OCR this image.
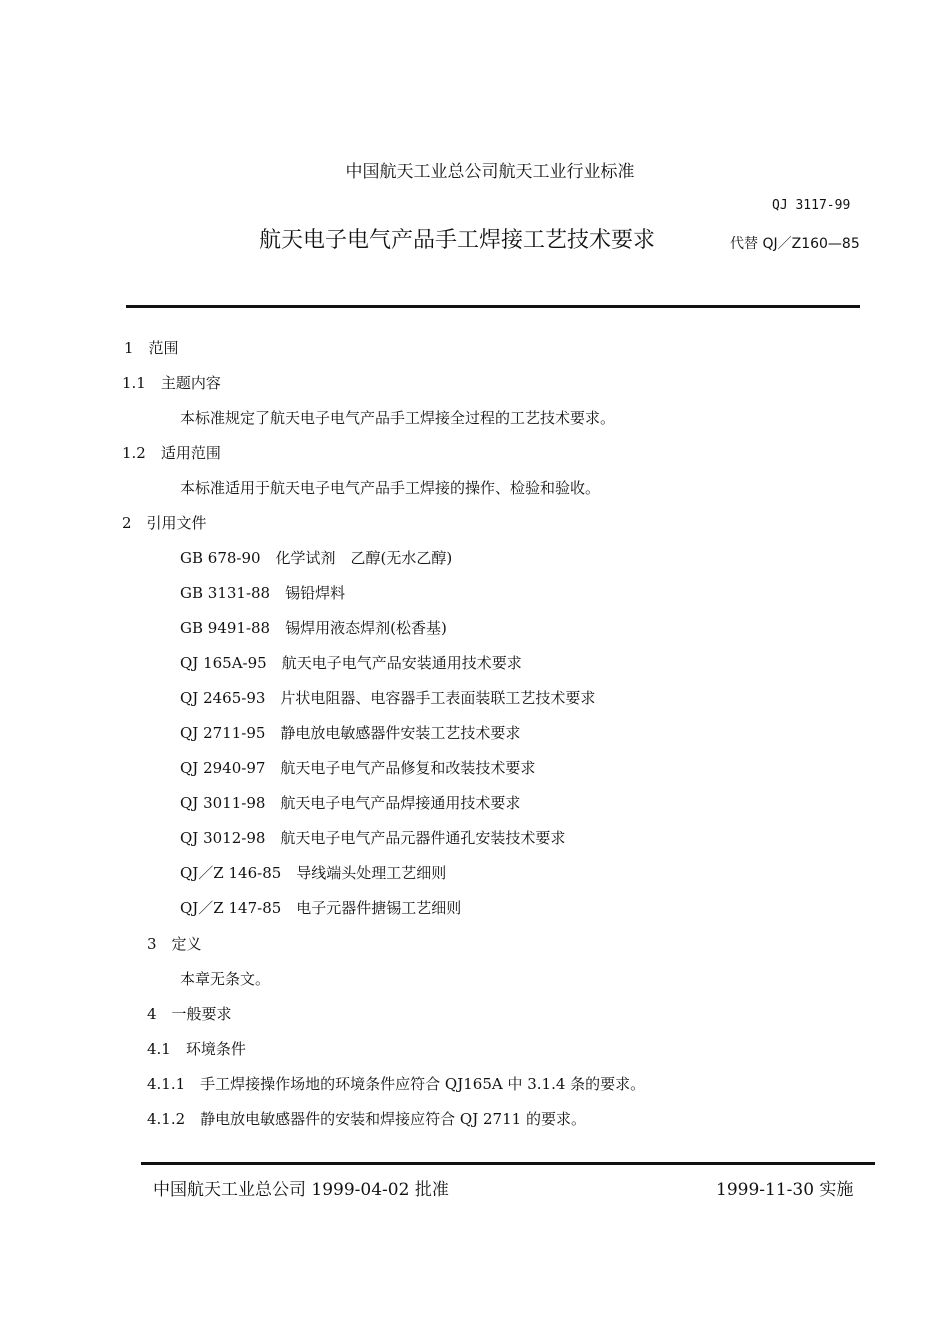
中国航天工业总公司航天工业行业标准
QJ 3117-99
航天电子电气产品手工焊接工艺技术要求	代替 QJ／Z160—85
1　范围
1.1　主题内容
本标准规定了航天电子电气产品手工焊接全过程的工艺技术要求。
1.2　适用范围
本标准适用于航天电子电气产品手工焊接的操作、检验和验收。
2　引用文件
GB 678-90　化学试剂　乙醇(无水乙醇)
GB 3131-88　锡铅焊料
GB 9491-88　锡焊用液态焊剂(松香基)
QJ 165A-95　航天电子电气产品安装通用技术要求
QJ 2465-93　片状电阻器、电容器手工表面装联工艺技术要求
QJ 2711-95　静电放电敏感器件安装工艺技术要求
QJ 2940-97　航天电子电气产品修复和改装技术要求
QJ 3011-98　航天电子电气产品焊接通用技术要求
QJ 3012-98　航天电子电气产品元器件通孔安装技术要求
QJ／Z 146-85　导线端头处理工艺细则
QJ／Z 147-85　电子元器件搪锡工艺细则
3　定义
本章无条文。
4　一般要求
4.1　环境条件
4.1.1　手工焊接操作场地的环境条件应符合 QJ165A 中 3.1.4 条的要求。
4.1.2　静电放电敏感器件的安装和焊接应符合 QJ 2711 的要求。
中国航天工业总公司 1999-04-02 批准	1999-11-30 实施
